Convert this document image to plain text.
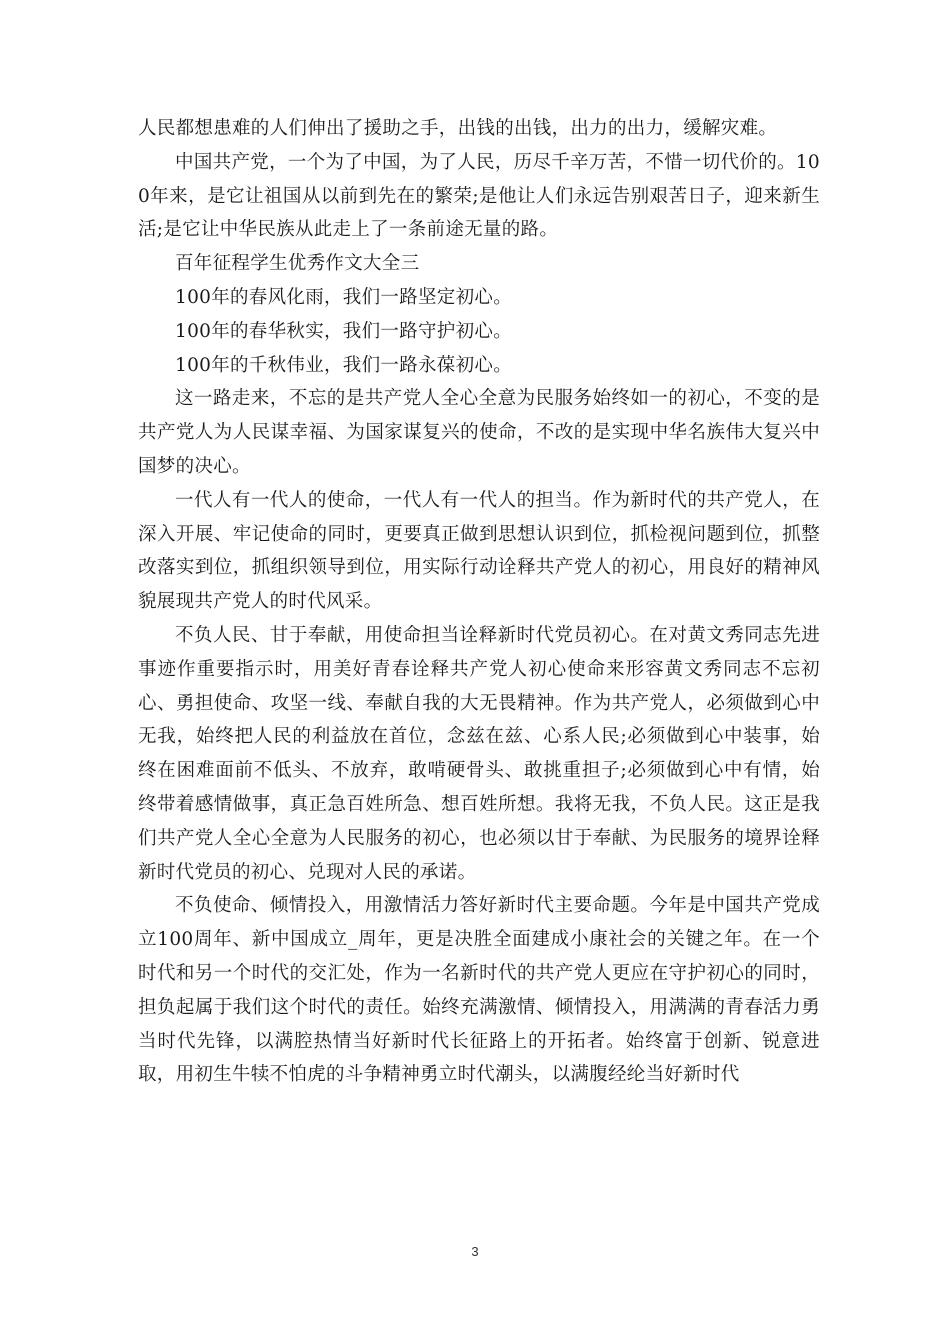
人民都想患难的人们伸出了援助之手，出钱的出钱，出力的出力，缓解灾难。

中国共产党，一个为了中国，为了人民，历尽千辛万苦，不惜一切代价的。100年来，是它让祖国从以前到先在的繁荣;是他让人们永远告别艰苦日子，迎来新生活;是它让中华民族从此走上了一条前途无量的路。

百年征程学生优秀作文大全三

100年的春风化雨，我们一路坚定初心。

100年的春华秋实，我们一路守护初心。

100年的千秋伟业，我们一路永葆初心。

这一路走来，不忘的是共产党人全心全意为民服务始终如一的初心，不变的是共产党人为人民谋幸福、为国家谋复兴的使命，不改的是实现中华名族伟大复兴中国梦的决心。

一代人有一代人的使命，一代人有一代人的担当。作为新时代的共产党人，在深入开展、牢记使命的同时，更要真正做到思想认识到位，抓检视问题到位，抓整改落实到位，抓组织领导到位，用实际行动诠释共产党人的初心，用良好的精神风貌展现共产党人的时代风采。

不负人民、甘于奉献，用使命担当诠释新时代党员初心。在对黄文秀同志先进事迹作重要指示时，用美好青春诠释共产党人初心使命来形容黄文秀同志不忘初心、勇担使命、攻坚一线、奉献自我的大无畏精神。作为共产党人，必须做到心中无我，始终把人民的利益放在首位，念兹在兹、心系人民;必须做到心中装事，始终在困难面前不低头、不放弃，敢啃硬骨头、敢挑重担子;必须做到心中有情，始终带着感情做事，真正急百姓所急、想百姓所想。我将无我，不负人民。这正是我们共产党人全心全意为人民服务的初心，也必须以甘于奉献、为民服务的境界诠释新时代党员的初心、兑现对人民的承诺。

不负使命、倾情投入，用激情活力答好新时代主要命题。今年是中国共产党成立100周年、新中国成立_周年，更是决胜全面建成小康社会的关键之年。在一个时代和另一个时代的交汇处，作为一名新时代的共产党人更应在守护初心的同时，担负起属于我们这个时代的责任。始终充满激情、倾情投入，用满满的青春活力勇当时代先锋，以满腔热情当好新时代长征路上的开拓者。始终富于创新、锐意进取，用初生牛犊不怕虎的斗争精神勇立时代潮头，以满腹经纶当好新时代

3
